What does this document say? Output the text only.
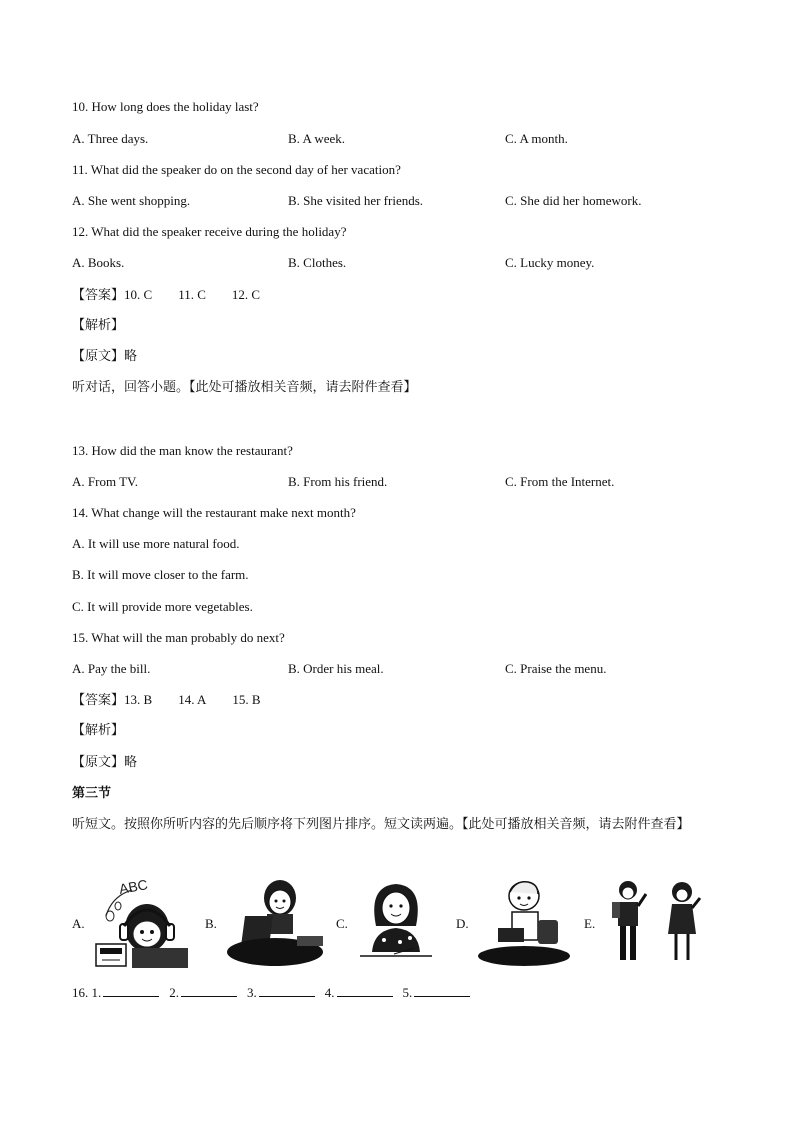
10. How long does the holiday last?
A. Three days.	B. A week.	C. A month.
11. What did the speaker do on the second day of her vacation?
A. She went shopping.	B. She visited her friends.	C. She did her homework.
12. What did the speaker receive during the holiday?
A. Books.	B. Clothes.	C. Lucky money.
【答案】10. C 11. C 12. C
【解析】
【原文】略
听对话，回答小题。【此处可播放相关音频，请去附件查看】
13. How did the man know the restaurant?
A. From TV.	B. From his friend.	C. From the Internet.
14. What change will the restaurant make next month?
A. It will use more natural food.
B. It will move closer to the farm.
C. It will provide more vegetables.
15. What will the man probably do next?
A. Pay the bill.	B. Order his meal.	C. Praise the menu.
【答案】13. B 14. A 15. B
【解析】
【原文】略
第三节
听短文。按照你所听内容的先后顺序将下列图片排序。短文读两遍。【此处可播放相关音频，请去附件查看】
A.	B.	C.	D.	E.
ABC
16. 1.	2.	3.	4.	5.
